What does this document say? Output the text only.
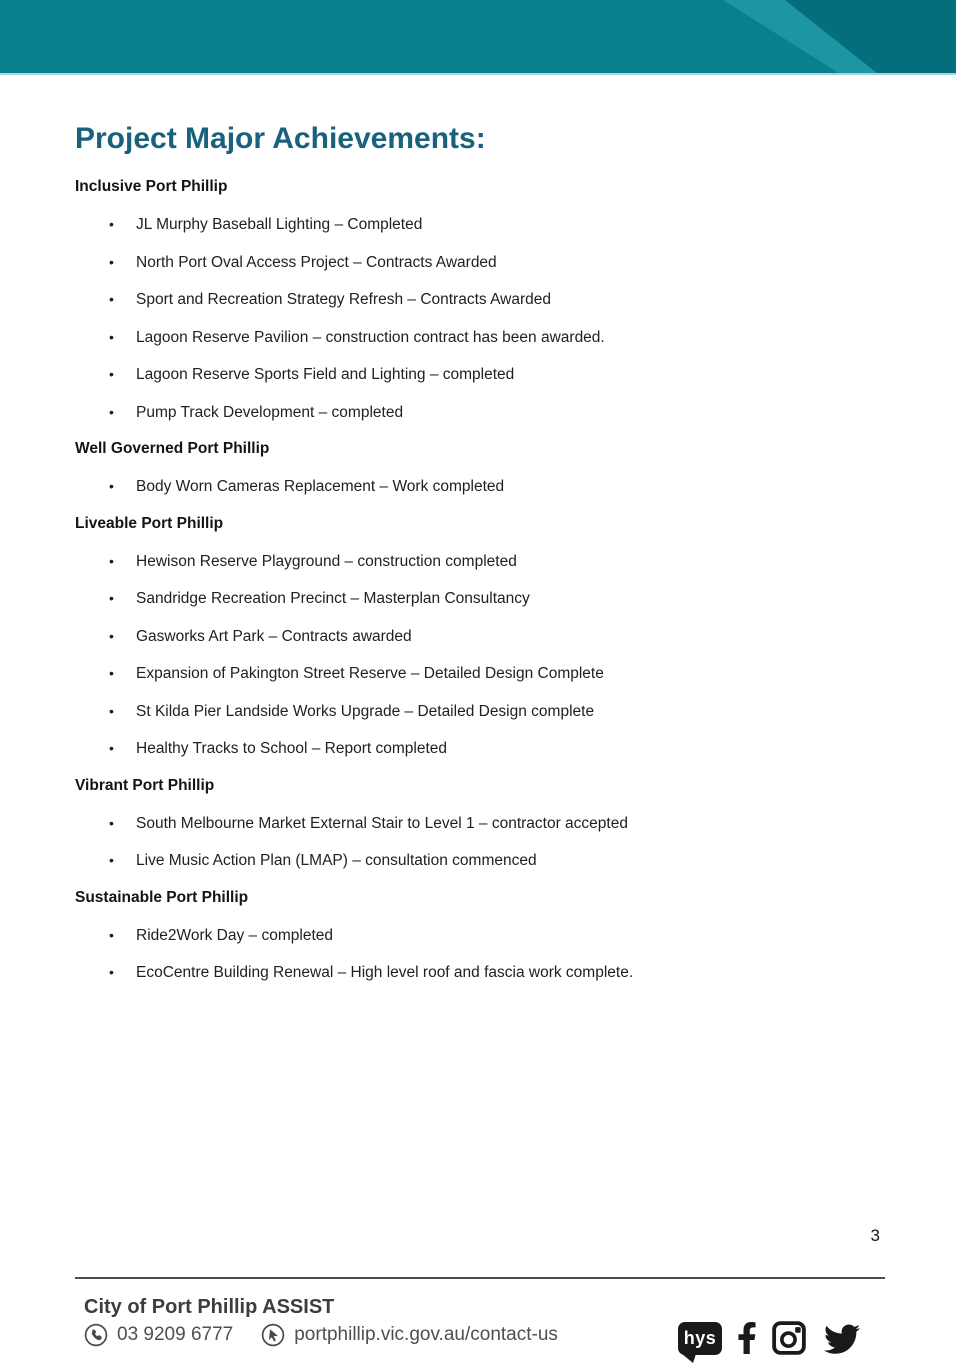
Project Major Achievements:
Inclusive Port Phillip
•	JL Murphy Baseball Lighting – Completed
•	North Port Oval Access Project – Contracts Awarded
•	Sport and Recreation Strategy Refresh – Contracts Awarded
•	Lagoon Reserve Pavilion – construction contract has been awarded.
•	Lagoon Reserve Sports Field and Lighting – completed
•	Pump Track Development – completed
Well Governed Port Phillip
•	Body Worn Cameras Replacement – Work completed
Liveable Port Phillip
•	Hewison Reserve Playground – construction completed
•	Sandridge Recreation Precinct – Masterplan Consultancy
•	Gasworks Art Park – Contracts awarded
•	Expansion of Pakington Street Reserve – Detailed Design Complete
•	St Kilda Pier Landside Works Upgrade – Detailed Design complete
•	Healthy Tracks to School – Report completed
Vibrant Port Phillip
•	South Melbourne Market External Stair to Level 1 – contractor accepted
•	Live Music Action Plan (LMAP) – consultation commenced
Sustainable Port Phillip
•	Ride2Work Day – completed
•	EcoCentre Building Renewal – High level roof and fascia work complete.
3
City of Port Phillip ASSIST
03 9209 6777	portphillip.vic.gov.au/contact-us	hys
